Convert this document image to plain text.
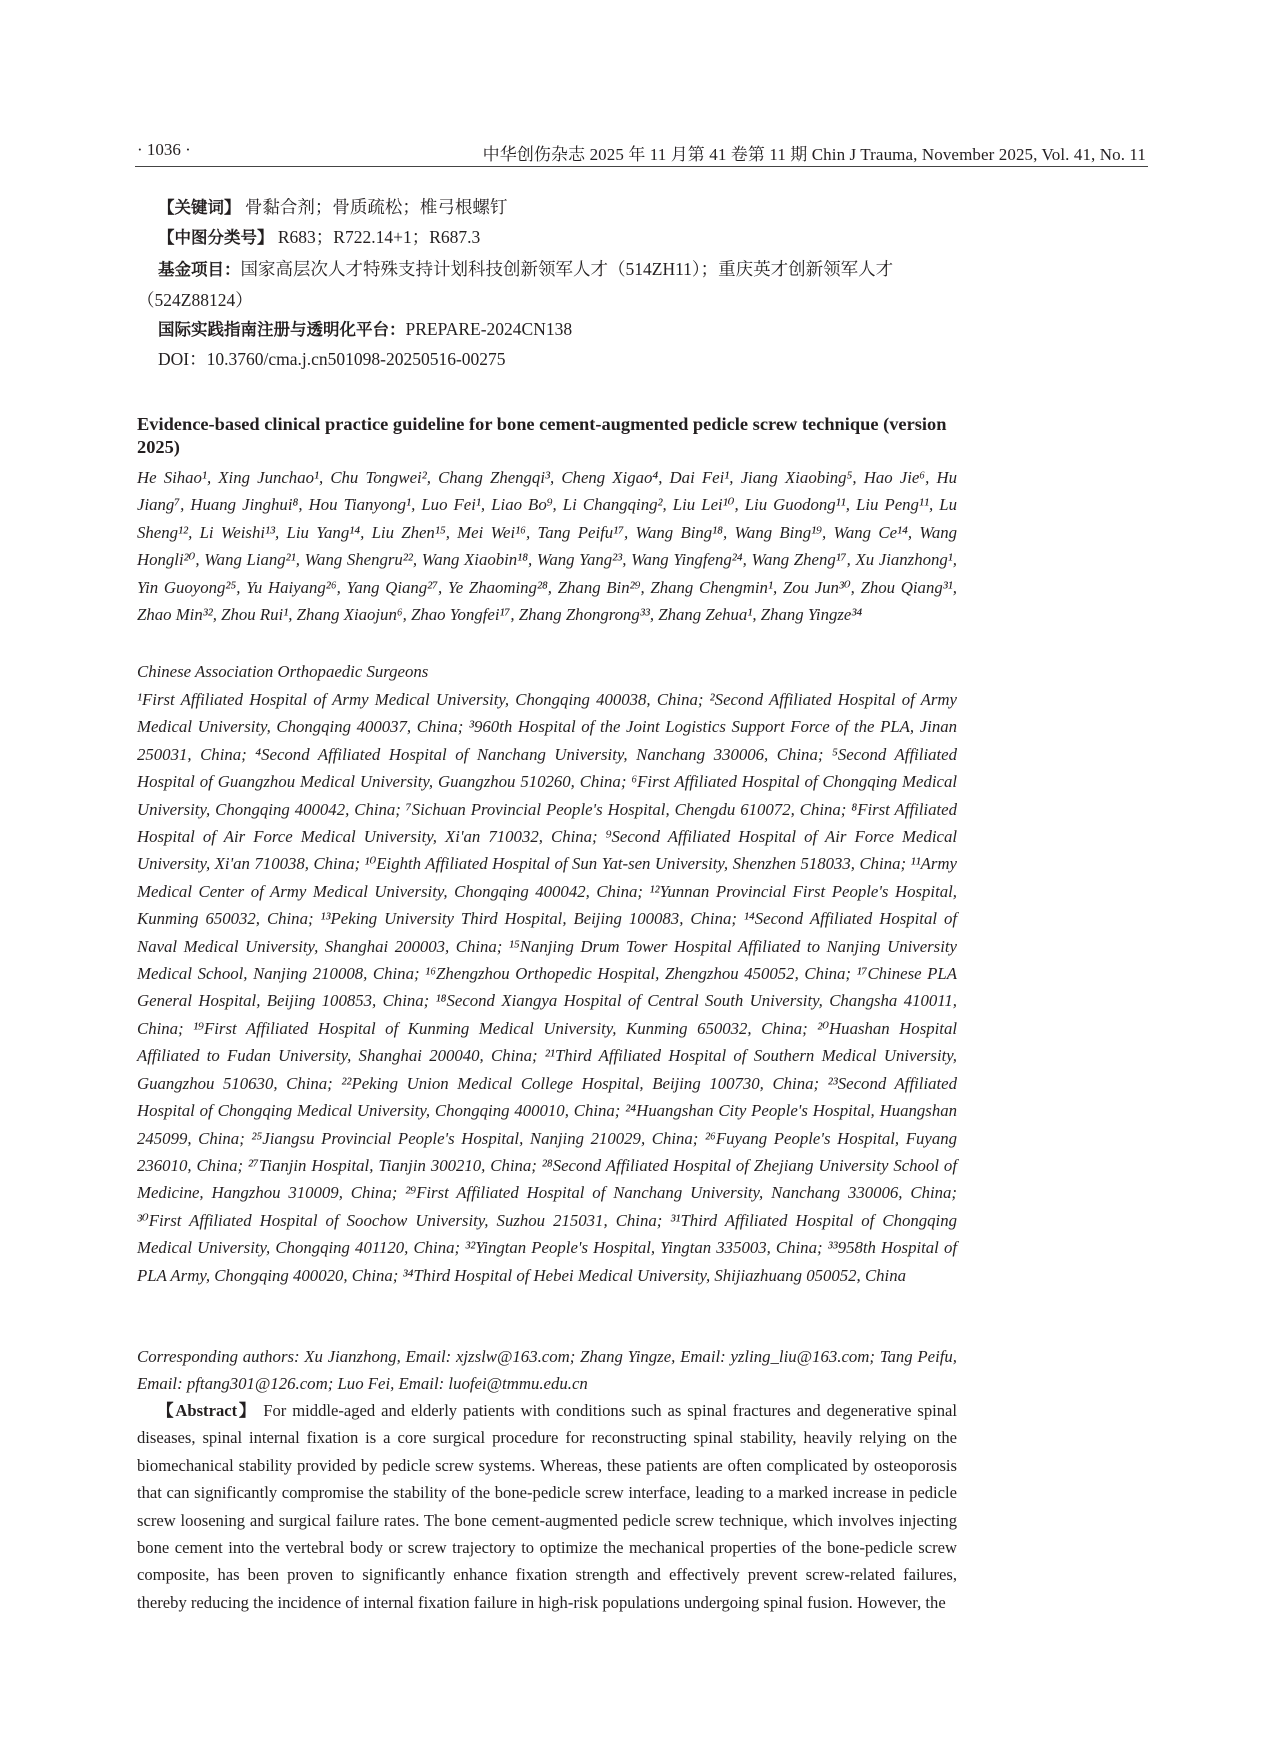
· 1036 ·	中华创伤杂志 2025 年 11 月第 41 卷第 11 期 Chin J Trauma, November 2025, Vol. 41, No. 11
【关键词】 骨黏合剂；骨质疏松；椎弓根螺钉
【中图分类号】 R683；R722.14+1；R687.3
基金项目：国家高层次人才特殊支持计划科技创新领军人才（514ZH11）；重庆英才创新领军人才
（524Z88124）
国际实践指南注册与透明化平台：PREPARE-2024CN138
DOI：10.3760/cma.j.cn501098-20250516-00275
Evidence-based clinical practice guideline for bone cement-augmented pedicle screw technique (version 2025)
He Sihao¹, Xing Junchao¹, Chu Tongwei², Chang Zhengqi³, Cheng Xigao⁴, Dai Fei¹, Jiang Xiaobing⁵, Hao Jie⁶, Hu Jiang⁷, Huang Jinghui⁸, Hou Tianyong¹, Luo Fei¹, Liao Bo⁹, Li Changqing², Liu Lei¹⁰, Liu Guodong¹¹, Liu Peng¹¹, Lu Sheng¹², Li Weishi¹³, Liu Yang¹⁴, Liu Zhen¹⁵, Mei Wei¹⁶, Tang Peifu¹⁷, Wang Bing¹⁸, Wang Bing¹⁹, Wang Ce¹⁴, Wang Hongli²⁰, Wang Liang²¹, Wang Shengru²², Wang Xiaobin¹⁸, Wang Yang²³, Wang Yingfeng²⁴, Wang Zheng¹⁷, Xu Jianzhong¹, Yin Guoyong²⁵, Yu Haiyang²⁶, Yang Qiang²⁷, Ye Zhaoming²⁸, Zhang Bin²⁹, Zhang Chengmin¹, Zou Jun³⁰, Zhou Qiang³¹, Zhao Min³², Zhou Rui¹, Zhang Xiaojun⁶, Zhao Yongfei¹⁷, Zhang Zhongrong³³, Zhang Zehua¹, Zhang Yingze³⁴
Chinese Association Orthopaedic Surgeons
¹First Affiliated Hospital of Army Medical University, Chongqing 400038, China; ²Second Affiliated Hospital of Army Medical University, Chongqing 400037, China; ³960th Hospital of the Joint Logistics Support Force of the PLA, Jinan 250031, China; ⁴Second Affiliated Hospital of Nanchang University, Nanchang 330006, China; ⁵Second Affiliated Hospital of Guangzhou Medical University, Guangzhou 510260, China; ⁶First Affiliated Hospital of Chongqing Medical University, Chongqing 400042, China; ⁷Sichuan Provincial People's Hospital, Chengdu 610072, China; ⁸First Affiliated Hospital of Air Force Medical University, Xi'an 710032, China; ⁹Second Affiliated Hospital of Air Force Medical University, Xi'an 710038, China; ¹⁰Eighth Affiliated Hospital of Sun Yat-sen University, Shenzhen 518033, China; ¹¹Army Medical Center of Army Medical University, Chongqing 400042, China; ¹²Yunnan Provincial First People's Hospital, Kunming 650032, China; ¹³Peking University Third Hospital, Beijing 100083, China; ¹⁴Second Affiliated Hospital of Naval Medical University, Shanghai 200003, China; ¹⁵Nanjing Drum Tower Hospital Affiliated to Nanjing University Medical School, Nanjing 210008, China; ¹⁶Zhengzhou Orthopedic Hospital, Zhengzhou 450052, China; ¹⁷Chinese PLA General Hospital, Beijing 100853, China; ¹⁸Second Xiangya Hospital of Central South University, Changsha 410011, China; ¹⁹First Affiliated Hospital of Kunming Medical University, Kunming 650032, China; ²⁰Huashan Hospital Affiliated to Fudan University, Shanghai 200040, China; ²¹Third Affiliated Hospital of Southern Medical University, Guangzhou 510630, China; ²²Peking Union Medical College Hospital, Beijing 100730, China; ²³Second Affiliated Hospital of Chongqing Medical University, Chongqing 400010, China; ²⁴Huangshan City People's Hospital, Huangshan 245099, China; ²⁵Jiangsu Provincial People's Hospital, Nanjing 210029, China; ²⁶Fuyang People's Hospital, Fuyang 236010, China; ²⁷Tianjin Hospital, Tianjin 300210, China; ²⁸Second Affiliated Hospital of Zhejiang University School of Medicine, Hangzhou 310009, China; ²⁹First Affiliated Hospital of Nanchang University, Nanchang 330006, China; ³⁰First Affiliated Hospital of Soochow University, Suzhou 215031, China; ³¹Third Affiliated Hospital of Chongqing Medical University, Chongqing 401120, China; ³²Yingtan People's Hospital, Yingtan 335003, China; ³³958th Hospital of PLA Army, Chongqing 400020, China; ³⁴Third Hospital of Hebei Medical University, Shijiazhuang 050052, China
Corresponding authors: Xu Jianzhong, Email: xjzslw@163.com; Zhang Yingze, Email: yzling_liu@163.com; Tang Peifu, Email: pftang301@126.com; Luo Fei, Email: luofei@tmmu.edu.cn
【Abstract】 For middle-aged and elderly patients with conditions such as spinal fractures and degenerative spinal diseases, spinal internal fixation is a core surgical procedure for reconstructing spinal stability, heavily relying on the biomechanical stability provided by pedicle screw systems. Whereas, these patients are often complicated by osteoporosis that can significantly compromise the stability of the bone-pedicle screw interface, leading to a marked increase in pedicle screw loosening and surgical failure rates. The bone cement-augmented pedicle screw technique, which involves injecting bone cement into the vertebral body or screw trajectory to optimize the mechanical properties of the bone-pedicle screw composite, has been proven to significantly enhance fixation strength and effectively prevent screw-related failures, thereby reducing the incidence of internal fixation failure in high-risk populations undergoing spinal fusion. However, the
